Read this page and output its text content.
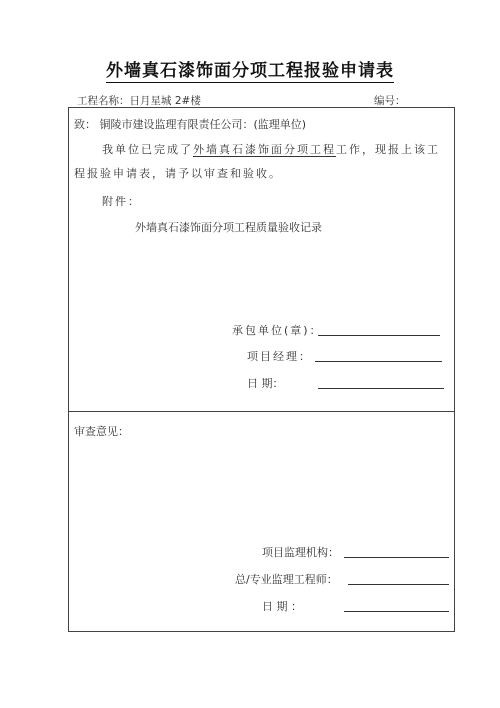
外墙真石漆饰面分项工程报验申请表
工程名称：日月星城 2#楼	编号：
致： 铜陵市建设监理有限责任公司：(监理单位)
我单位已完成了外墙真石漆饰面分项工程工作，现报上该工
程报验申请表，请予以审查和验收。
附件：
外墙真石漆饰面分项工程质量验收记录
承包单位(章)：
项目经理：
日 期：
审查意见：
项目监理机构：
总/专业监理工程师：
日 期 ：
